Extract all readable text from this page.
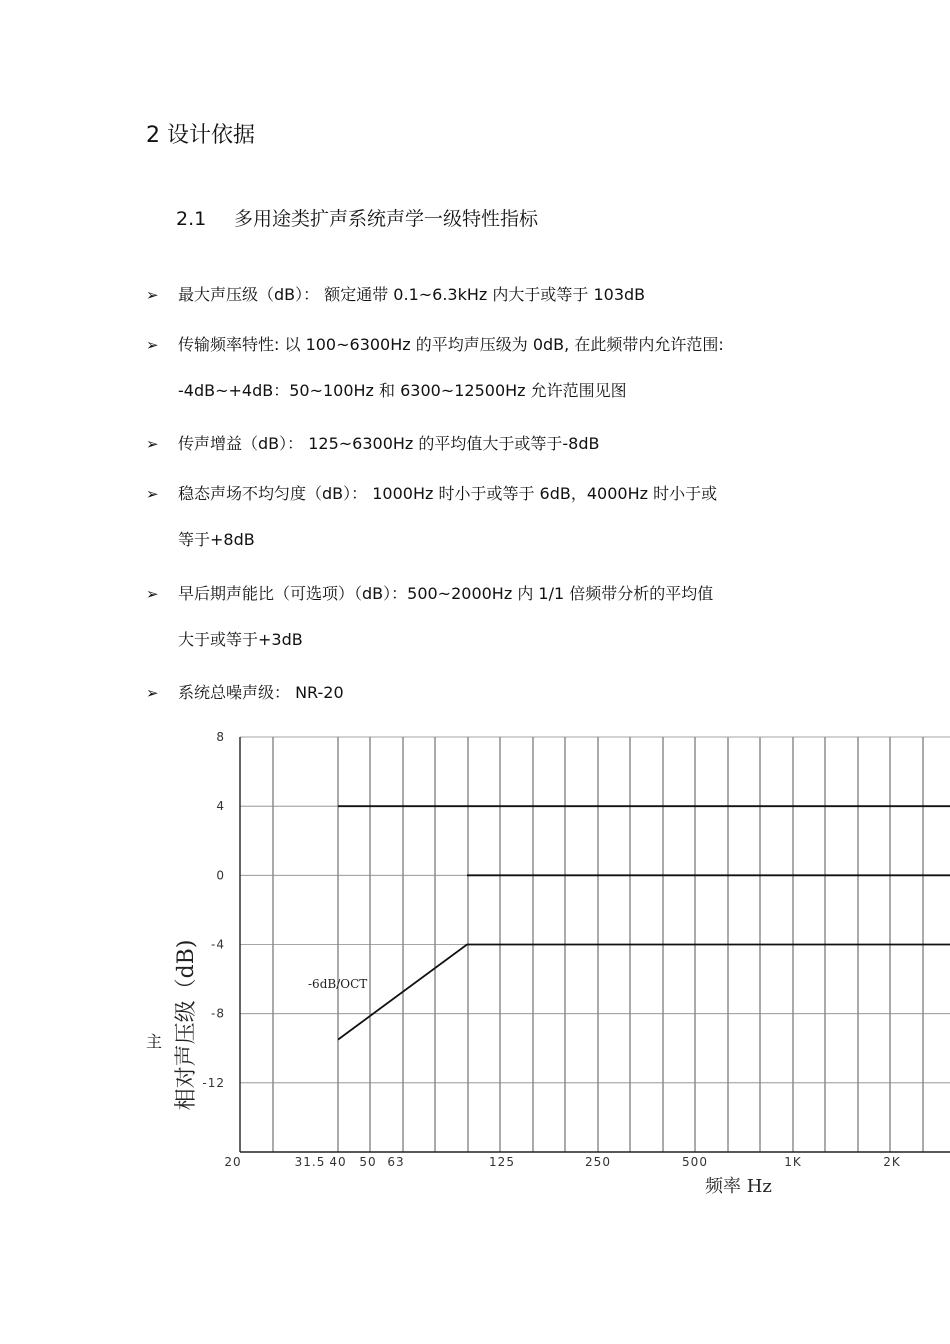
2 设计依据
2.1 多用途类扩声系统声学一级特性指标
➢ 最大声压级（dB）： 额定通带 0.1~6.3kHz 内大于或等于 103dB
➢ 传输频率特性: 以 100~6300Hz 的平均声压级为 0dB, 在此频带内允许范围:
-4dB~+4dB：50~100Hz 和 6300~12500Hz 允许范围见图
➢ 传声增益（dB）： 125~6300Hz 的平均值大于或等于-8dB
➢ 稳态声场不均匀度（dB）： 1000Hz 时小于或等于 6dB，4000Hz 时小于或
等于+8dB
➢ 早后期声能比（可选项）（dB）：500~2000Hz 内 1/1 倍频带分析的平均值
大于或等于+3dB
➢ 系统总噪声级： NR-20
主
8
4
0
-4
-8
-12
20	31.5 40 50 63	125	250	500	1K	2K
相对声压级（dB)	-6dB/OCT
频率 Hz
